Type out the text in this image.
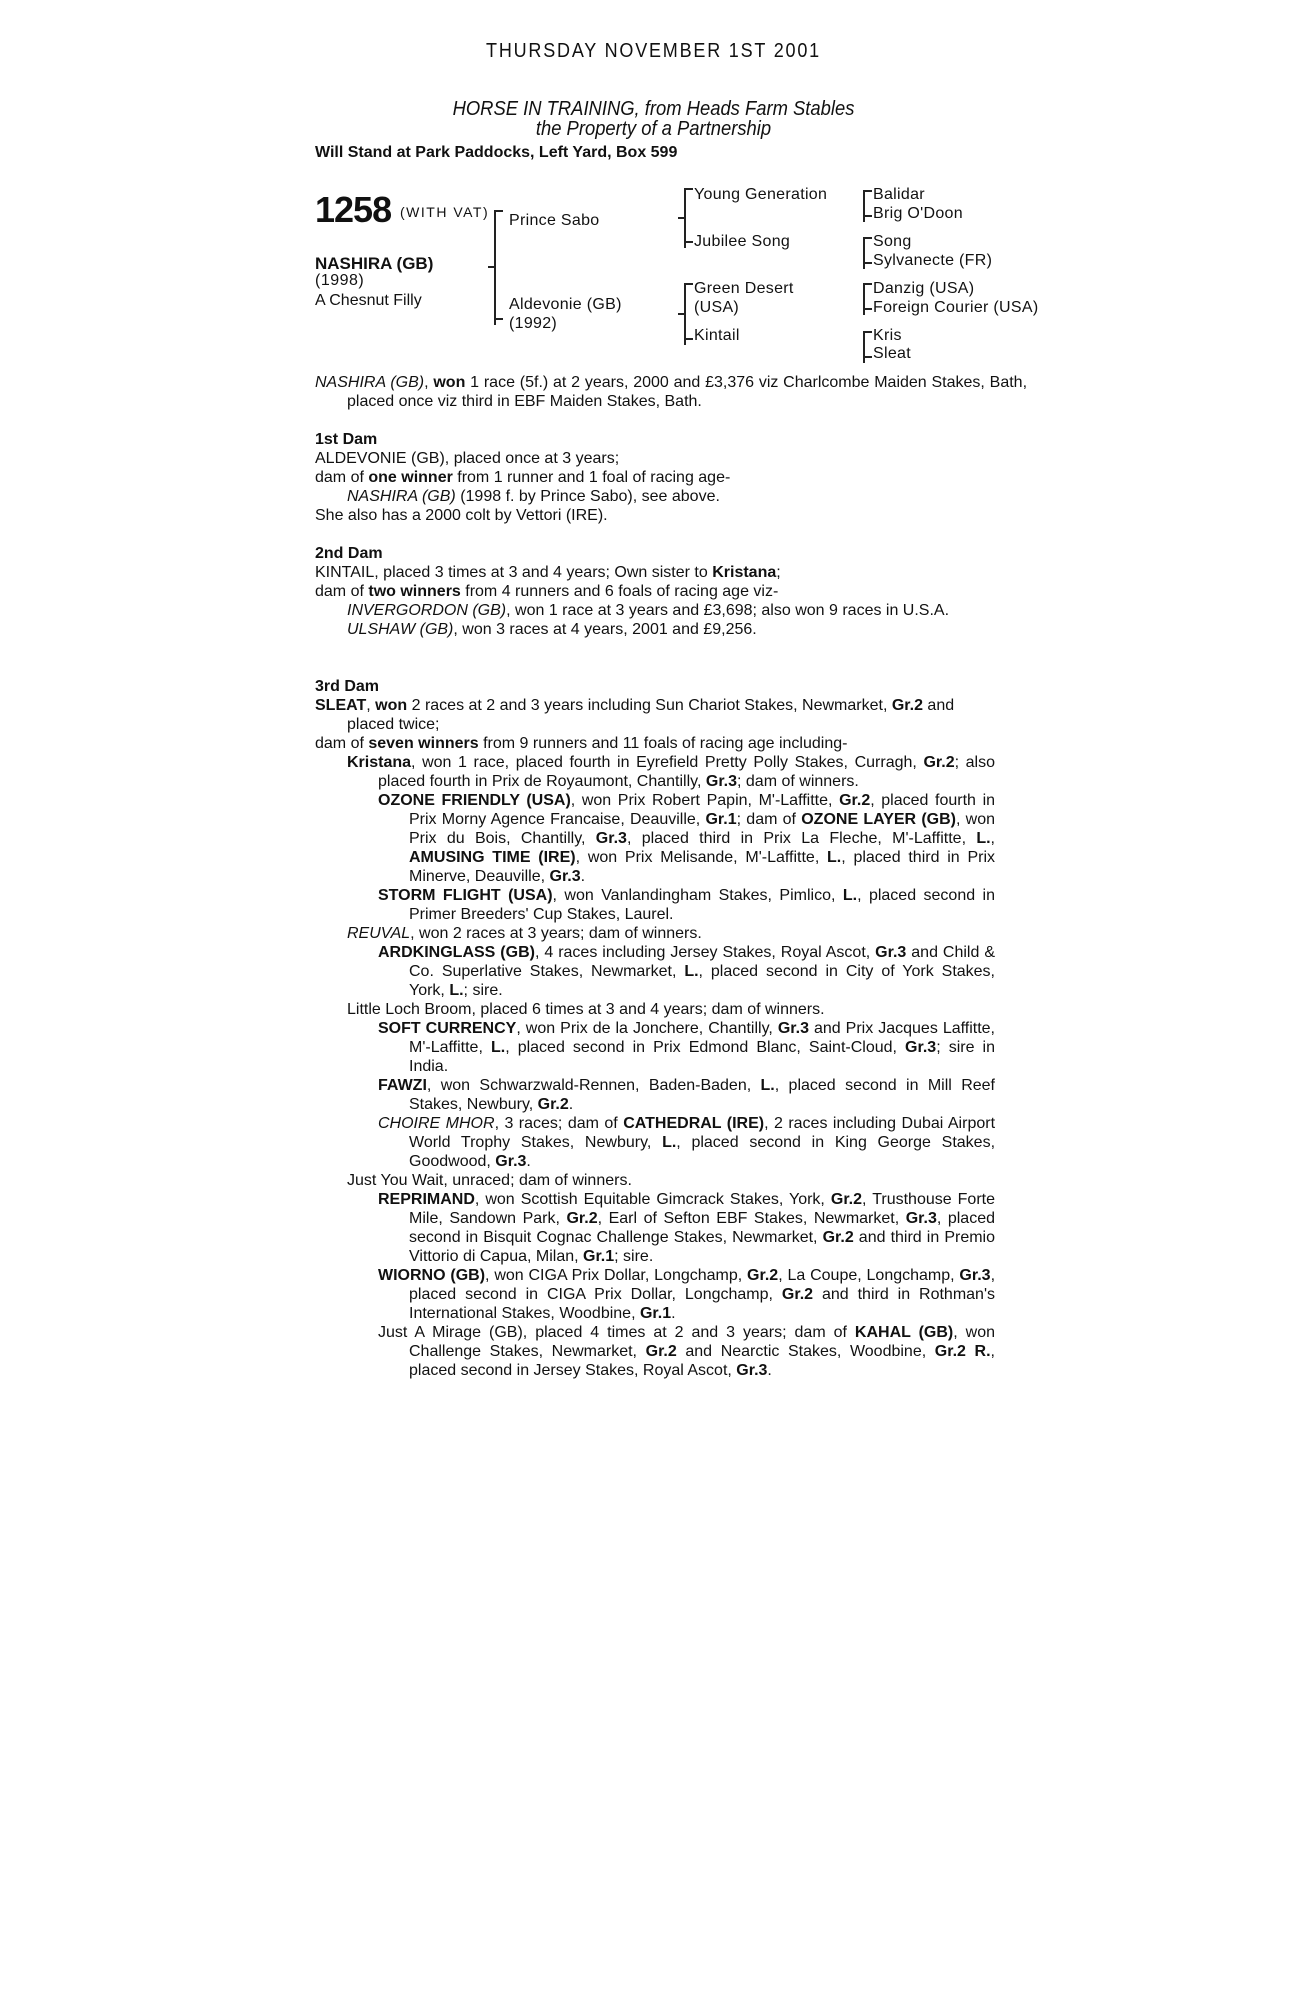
THURSDAY NOVEMBER 1ST 2001
HORSE IN TRAINING, from Heads Farm Stables
the Property of a Partnership
Will Stand at Park Paddocks, Left Yard, Box 599
1258 (WITH VAT)
NASHIRA (GB)
(1998)
A Chesnut Filly
Prince Sabo
Aldevonie (GB)
(1992)
Young Generation
Jubilee Song
Green Desert
(USA)
Kintail
Balidar
Brig O'Doon
Song
Sylvanecte (FR)
Danzig (USA)
Foreign Courier (USA)
Kris
Sleat
NASHIRA (GB), won 1 race (5f.) at 2 years, 2000 and £3,376 viz Charlcombe Maiden Stakes, Bath, placed once viz third in EBF Maiden Stakes, Bath.

1st Dam

ALDEVONIE (GB), placed once at 3 years;

dam of one winner from 1 runner and 1 foal of racing age-

NASHIRA (GB) (1998 f. by Prince Sabo), see above.

She also has a 2000 colt by Vettori (IRE).

2nd Dam

KINTAIL, placed 3 times at 3 and 4 years; Own sister to Kristana;

dam of two winners from 4 runners and 6 foals of racing age viz-

INVERGORDON (GB), won 1 race at 3 years and £3,698; also won 9 races in U.S.A.

ULSHAW (GB), won 3 races at 4 years, 2001 and £9,256.

3rd Dam

SLEAT, won 2 races at 2 and 3 years including Sun Chariot Stakes, Newmarket, Gr.2 and placed twice;

dam of seven winners from 9 runners and 11 foals of racing age including-

Kristana, won 1 race, placed fourth in Eyrefield Pretty Polly Stakes, Curragh, Gr.2; also placed fourth in Prix de Royaumont, Chantilly, Gr.3; dam of winners.

OZONE FRIENDLY (USA), won Prix Robert Papin, M'-Laffitte, Gr.2, placed fourth in Prix Morny Agence Francaise, Deauville, Gr.1; dam of OZONE LAYER (GB), won Prix du Bois, Chantilly, Gr.3, placed third in Prix La Fleche, M'-Laffitte, L., AMUSING TIME (IRE), won Prix Melisande, M'-Laffitte, L., placed third in Prix Minerve, Deauville, Gr.3.

STORM FLIGHT (USA), won Vanlandingham Stakes, Pimlico, L., placed second in Primer Breeders' Cup Stakes, Laurel.

REUVAL, won 2 races at 3 years; dam of winners.

ARDKINGLASS (GB), 4 races including Jersey Stakes, Royal Ascot, Gr.3 and Child & Co. Superlative Stakes, Newmarket, L., placed second in City of York Stakes, York, L.; sire.

Little Loch Broom, placed 6 times at 3 and 4 years; dam of winners.

SOFT CURRENCY, won Prix de la Jonchere, Chantilly, Gr.3 and Prix Jacques Laffitte, M'-Laffitte, L., placed second in Prix Edmond Blanc, Saint-Cloud, Gr.3; sire in India.

FAWZI, won Schwarzwald-Rennen, Baden-Baden, L., placed second in Mill Reef Stakes, Newbury, Gr.2.

CHOIRE MHOR, 3 races; dam of CATHEDRAL (IRE), 2 races including Dubai Airport World Trophy Stakes, Newbury, L., placed second in King George Stakes, Goodwood, Gr.3.

Just You Wait, unraced; dam of winners.

REPRIMAND, won Scottish Equitable Gimcrack Stakes, York, Gr.2, Trusthouse Forte Mile, Sandown Park, Gr.2, Earl of Sefton EBF Stakes, Newmarket, Gr.3, placed second in Bisquit Cognac Challenge Stakes, Newmarket, Gr.2 and third in Premio Vittorio di Capua, Milan, Gr.1; sire.

WIORNO (GB), won CIGA Prix Dollar, Longchamp, Gr.2, La Coupe, Longchamp, Gr.3, placed second in CIGA Prix Dollar, Longchamp, Gr.2 and third in Rothman's International Stakes, Woodbine, Gr.1.

Just A Mirage (GB), placed 4 times at 2 and 3 years; dam of KAHAL (GB), won Challenge Stakes, Newmarket, Gr.2 and Nearctic Stakes, Woodbine, Gr.2 R., placed second in Jersey Stakes, Royal Ascot, Gr.3.
